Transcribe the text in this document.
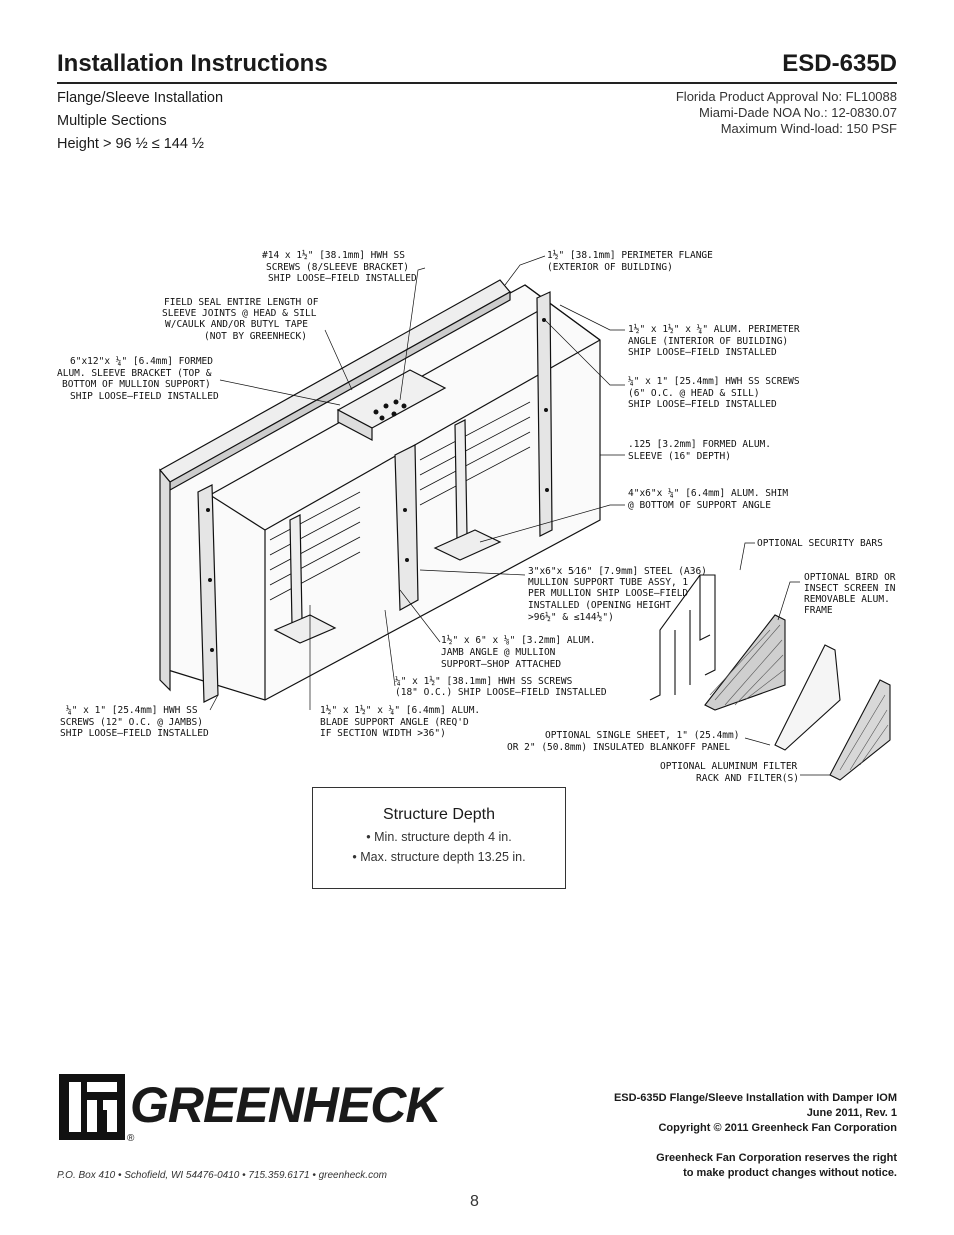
Installation Instructions	ESD-635D
Flange/Sleeve Installation
Multiple Sections
Height > 96 ½ ≤ 144 ½
Florida Product Approval No: FL10088
Miami-Dade NOA No.: 12-0830.07
Maximum Wind-load: 150 PSF
#14 x 1½" [38.1mm] HWH SS SCREWS (8/SLEEVE BRACKET) SHIP LOOSE–FIELD INSTALLED
FIELD SEAL ENTIRE LENGTH OF SLEEVE JOINTS @ HEAD & SILL W/CAULK AND/OR BUTYL TAPE (NOT BY GREENHECK)
6"x12"x ¼" [6.4mm] FORMED ALUM. SLEEVE BRACKET (TOP & BOTTOM OF MULLION SUPPORT) SHIP LOOSE–FIELD INSTALLED
1½" [38.1mm] PERIMETER FLANGE (EXTERIOR OF BUILDING)
1½" x 1½" x ¼" ALUM. PERIMETER ANGLE (INTERIOR OF BUILDING) SHIP LOOSE–FIELD INSTALLED
¼" x 1" [25.4mm] HWH SS SCREWS (6" O.C. @ HEAD & SILL) SHIP LOOSE–FIELD INSTALLED
.125 [3.2mm] FORMED ALUM. SLEEVE (16" DEPTH)
4"x6"x ¼" [6.4mm] ALUM. SHIM @ BOTTOM OF SUPPORT ANGLE
OPTIONAL SECURITY BARS
3"x6"x 5⁄16" [7.9mm] STEEL (A36) MULLION SUPPORT TUBE ASSY, 1 PER MULLION SHIP LOOSE–FIELD INSTALLED (OPENING HEIGHT >96½" & ≤144½")
OPTIONAL BIRD OR INSECT SCREEN IN REMOVABLE ALUM. FRAME
1½" x 6" x ⅛" [3.2mm] ALUM. JAMB ANGLE @ MULLION SUPPORT–SHOP ATTACHED
¼" x 1½" [38.1mm] HWH SS SCREWS (18" O.C.) SHIP LOOSE–FIELD INSTALLED
¼" x 1" [25.4mm] HWH SS SCREWS (12" O.C. @ JAMBS) SHIP LOOSE–FIELD INSTALLED
1½" x 1½" x ¼" [6.4mm] ALUM. BLADE SUPPORT ANGLE (REQ'D IF SECTION WIDTH >36")	OPTIONAL SINGLE SHEET, 1" (25.4mm) OR 2" (50.8mm) INSULATED BLANKOFF PANEL
OPTIONAL ALUMINUM FILTER RACK AND FILTER(S)
Structure Depth
• Min. structure depth 4 in.
• Max. structure depth 13.25 in.
GREENHECK
®
P.O. Box 410 • Schofield, WI 54476-0410 • 715.359.6171 • greenheck.com
ESD-635D Flange/Sleeve Installation with Damper IOM
June 2011, Rev. 1
Copyright © 2011 Greenheck Fan Corporation
Greenheck Fan Corporation reserves the right
to make product changes without notice.
8
